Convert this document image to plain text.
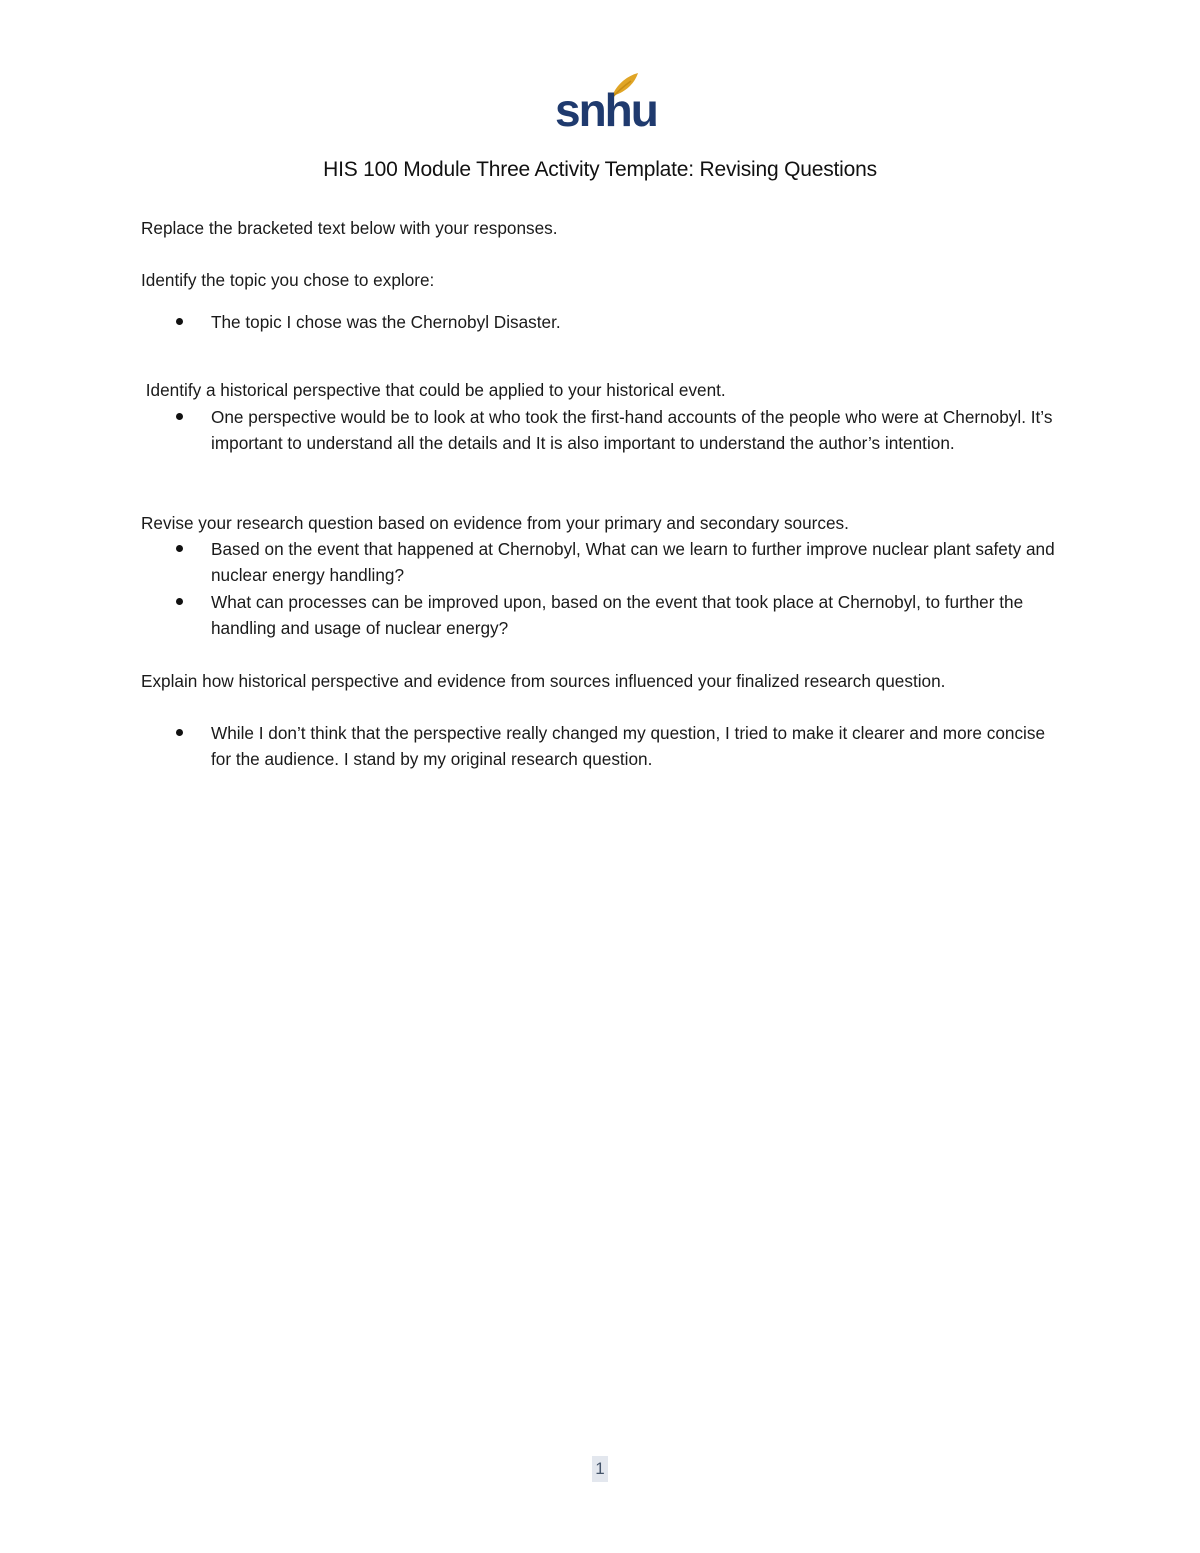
snhu
HIS 100 Module Three Activity Template: Revising Questions
Replace the bracketed text below with your responses.
Identify the topic you chose to explore:
The topic I chose was the Chernobyl Disaster.
Identify a historical perspective that could be applied to your historical event.
One perspective would be to look at who took the first-hand accounts of the people who were at Chernobyl. It’s important to understand all the details and It is also important to understand the author’s intention.
Revise your research question based on evidence from your primary and secondary sources.
Based on the event that happened at Chernobyl, What can we learn to further improve nuclear plant safety and nuclear energy handling?
What can processes can be improved upon, based on the event that took place at Chernobyl, to further the handling and usage of nuclear energy?
Explain how historical perspective and evidence from sources influenced your finalized research question.
While I don’t think that the perspective really changed my question, I tried to make it clearer and more concise for the audience. I stand by my original research question.
1
